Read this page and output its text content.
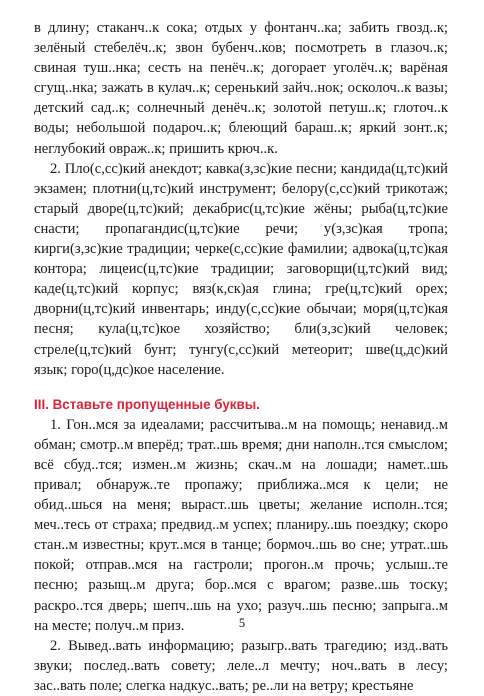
в длину; стаканч..к сока; отдых у фонтанч..ка; забить гвозд..к; зелёный стебелёч..к; звон бубенч..ков; посмотреть в глазоч..к; свиная туш..нка; сесть на пенёч..к; догорает уголёч..к; варёная сгущ..нка; зажать в кулач..к; серенький зайч..нок; осколоч..к вазы; детский сад..к; солнечный денёч..к; золотой петуш..к; глоточ..к воды; небольшой подароч..к; блеющий бараш..к; яркий зонт..к; неглубокий овраж..к; пришить крюч..к.

2. Пло(с,сс)кий анекдот; кавка(з,зс)кие песни; кандида(ц,тс)кий экзамен; плотни(ц,тс)кий инструмент; белору(с,сс)кий трикотаж; старый дворе(ц,тс)кий; декабрис(ц,тс)кие жёны; рыба(ц,тс)кие снасти; пропагандис(ц,тс)кие речи; у(з,зс)кая тропа; кирги(з,зс)кие традиции; черке(с,сс)кие фамилии; адвока(ц,тс)кая контора; лицеис(ц,тс)кие традиции; заговорщи(ц,тс)кий вид; каде(ц,тс)кий корпус; вяз(к,ск)ая глина; гре(ц,тс)кий орех; дворни(ц,тс)кий инвентарь; инду(с,сс)кие обычаи; моря(ц,тс)кая песня; кула(ц,тс)кое хозяйство; бли(з,зс)кий человек; стреле(ц,тс)кий бунт; тунгу(с,сс)кий метеорит; шве(ц,дс)кий язык; горо(ц,дс)кое население.

III. Вставьте пропущенные буквы.

1. Гон..мся за идеалами; рассчитыва..м на помощь; ненавид..м обман; смотр..м вперёд; трат..шь время; дни наполн..тся смыслом; всё сбуд..тся; измен..м жизнь; скач..м на лошади; намет..шь привал; обнаруж..те пропажу; приближа..мся к цели; не обид..шься на меня; выраст..шь цветы; желание исполн..тся; меч..тесь от страха; предвид..м успех; планиру..шь поездку; скоро стан..м известны; крут..мся в танце; бормоч..шь во сне; утрат..шь покой; отправ..мся на гастроли; прогон..м прочь; услыш..те песню; разыщ..м друга; бор..мся с врагом; разве..шь тоску; раскро..тся дверь; шепч..шь на ухо; разуч..шь песню; запрыга..м на месте; получ..м приз.

2. Вывед..вать информацию; разыгр..вать трагедию; изд..вать звуки; послед..вать совету; леле..л мечту; ноч..вать в лесу; зас..вать поле; слегка надкус..вать; ре..ли на ветру; крестьяне

5
